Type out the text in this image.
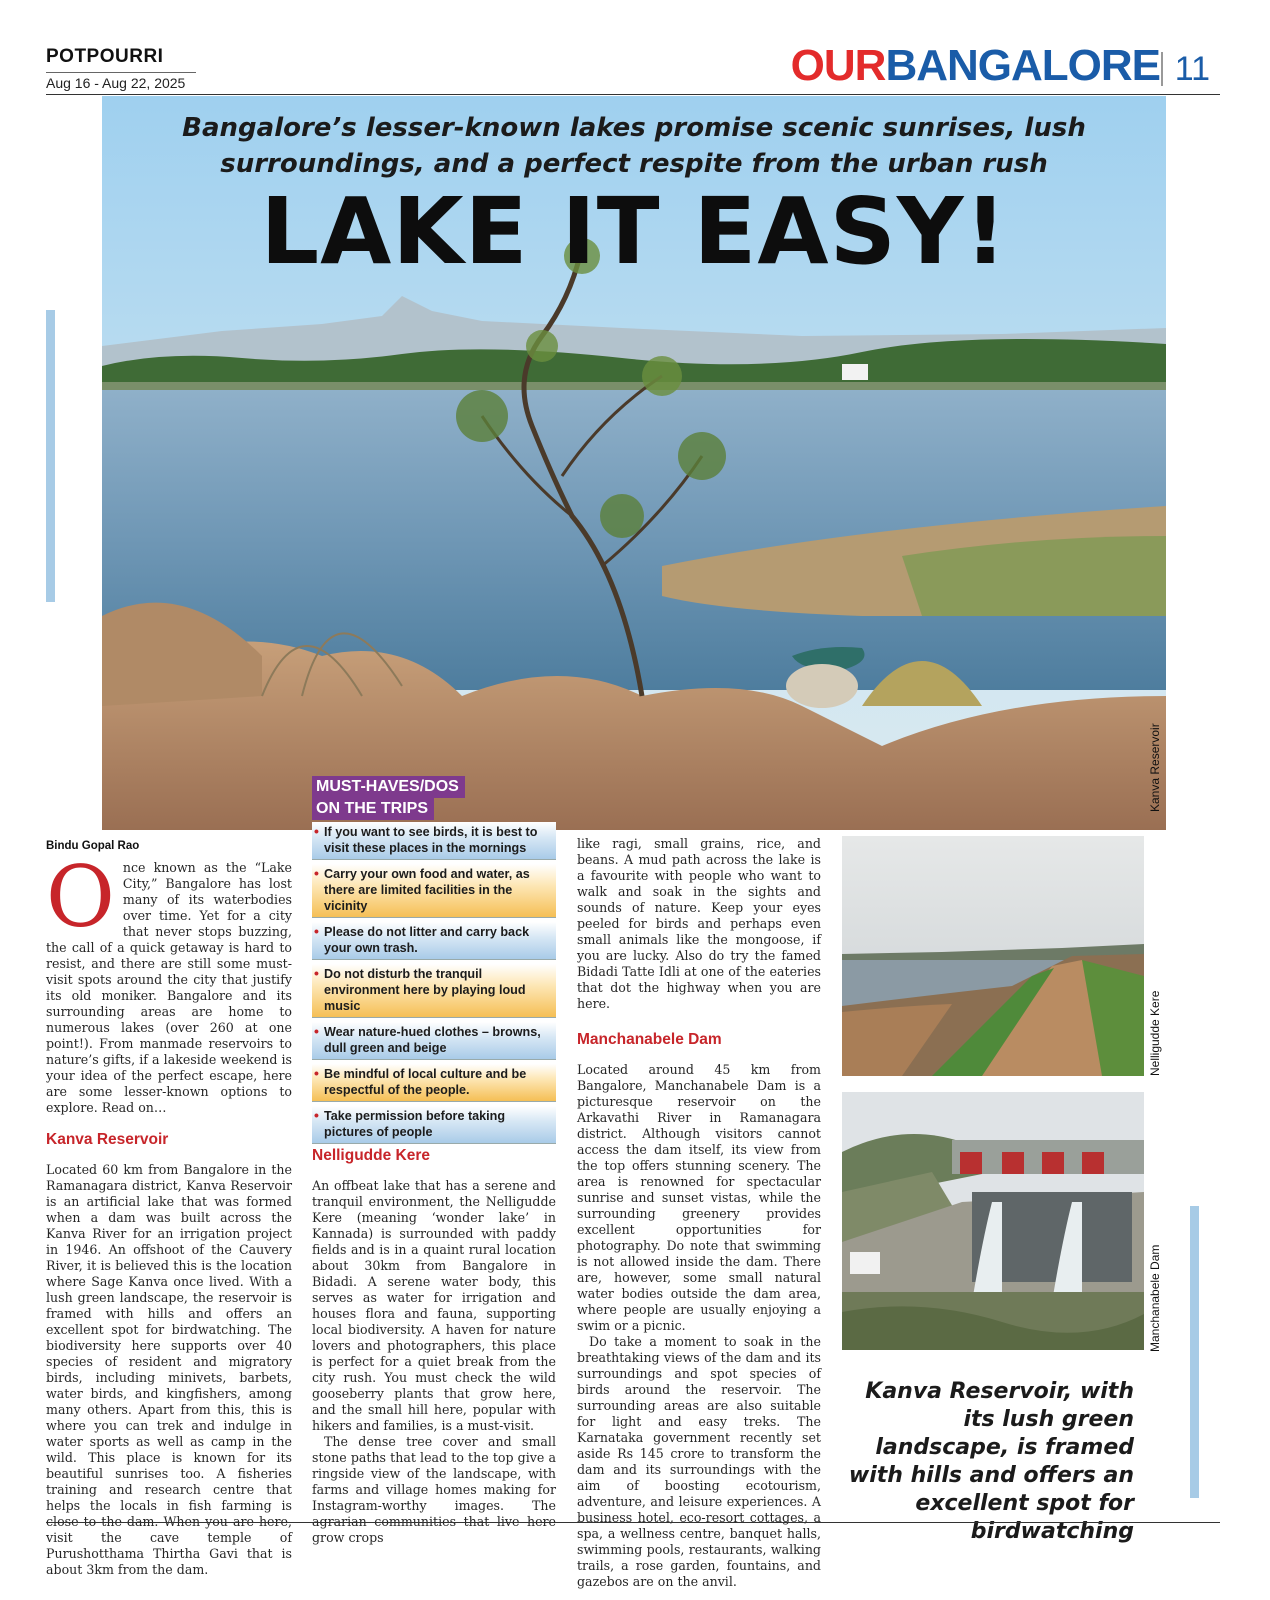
POTPOURRI
Aug 16 - Aug 22, 2025	OURBANGALORE 11
Bangalore’s lesser-known lakes promise scenic sunrises, lush surroundings, and a perfect respite from the urban rush
LAKE IT EASY!
Kanva Reservoir
Bindu Gopal Rao

Once known as the “Lake City,” Bangalore has lost many of its waterbodies over time. Yet for a city that never stops buzzing, the call of a quick getaway is hard to resist, and there are still some must-visit spots around the city that justify its old moniker. Bangalore and its surrounding areas are home to numerous lakes (over 260 at one point!). From manmade reservoirs to nature’s gifts, if a lakeside weekend is your idea of the perfect escape, here are some lesser-known options to explore. Read on…

Kanva Reservoir

Located 60 km from Bangalore in the Ramanagara district, Kanva Reservoir is an artificial lake that was formed when a dam was built across the Kanva River for an irrigation project in 1946. An offshoot of the Cauvery River, it is believed this is the location where Sage Kanva once lived. With a lush green landscape, the reservoir is framed with hills and offers an excellent spot for birdwatching. The biodiversity here supports over 40 species of resident and migratory birds, including minivets, barbets, water birds, and kingfishers, among many others. Apart from this, this is where you can trek and indulge in water sports as well as camp in the wild. This place is known for its beautiful sunrises too. A fisheries training and research centre that helps the locals in fish farming is close to the dam. When you are here, visit the cave temple of Purushotthama Thirtha Gavi that is about 3km from the dam.

MUST-HAVES/DOS
ON THE TRIPS
• If you want to see birds, it is best to visit these places in the mornings
• Carry your own food and water, as there are limited facilities in the vicinity
• Please do not litter and carry back your own trash.
• Do not disturb the tranquil environment here by playing loud music
• Wear nature-hued clothes – browns, dull green and beige
• Be mindful of local culture and be respectful of the people.
• Take permission before taking pictures of people
Nelligudde Kere

An offbeat lake that has a serene and tranquil environment, the Nelligudde Kere (meaning ‘wonder lake’ in Kannada) is surrounded with paddy fields and is in a quaint rural location about 30km from Bangalore in Bidadi. A serene water body, this serves as water for irrigation and houses flora and fauna, supporting local biodiversity. A haven for nature lovers and photographers, this place is perfect for a quiet break from the city rush. You must check the wild gooseberry plants that grow here, and the small hill here, popular with hikers and families, is a must-visit.

The dense tree cover and small stone paths that lead to the top give a ringside view of the landscape, with farms and village homes making for Instagram-worthy images. The agrarian communities that live here grow crops

like ragi, small grains, rice, and beans. A mud path across the lake is a favourite with people who want to walk and soak in the sights and sounds of nature. Keep your eyes peeled for birds and perhaps even small animals like the mongoose, if you are lucky. Also do try the famed Bidadi Tatte Idli at one of the eateries that dot the highway when you are here.

Manchanabele Dam

Located around 45 km from Bangalore, Manchanabele Dam is a picturesque reservoir on the Arkavathi River in Ramanagara district. Although visitors cannot access the dam itself, its view from the top offers stunning scenery. The area is renowned for spectacular sunrise and sunset vistas, while the surrounding greenery provides excellent opportunities for photography. Do note that swimming is not allowed inside the dam. There are, however, some small natural water bodies outside the dam area, where people are usually enjoying a swim or a picnic.

Do take a moment to soak in the breathtaking views of the dam and its surroundings and spot species of birds around the reservoir. The surrounding areas are also suitable for light and easy treks. The Karnataka government recently set aside Rs 145 crore to transform the dam and its surroundings with the aim of boosting ecotourism, adventure, and leisure experiences. A business hotel, eco-resort cottages, a spa, a wellness centre, banquet halls, swimming pools, restaurants, walking trails, a rose garden, fountains, and gazebos are on the anvil.

Nelligudde Kere
Manchanabele Dam
Kanva Reservoir, with its lush green landscape, is framed with hills and offers an excellent spot for birdwatching
